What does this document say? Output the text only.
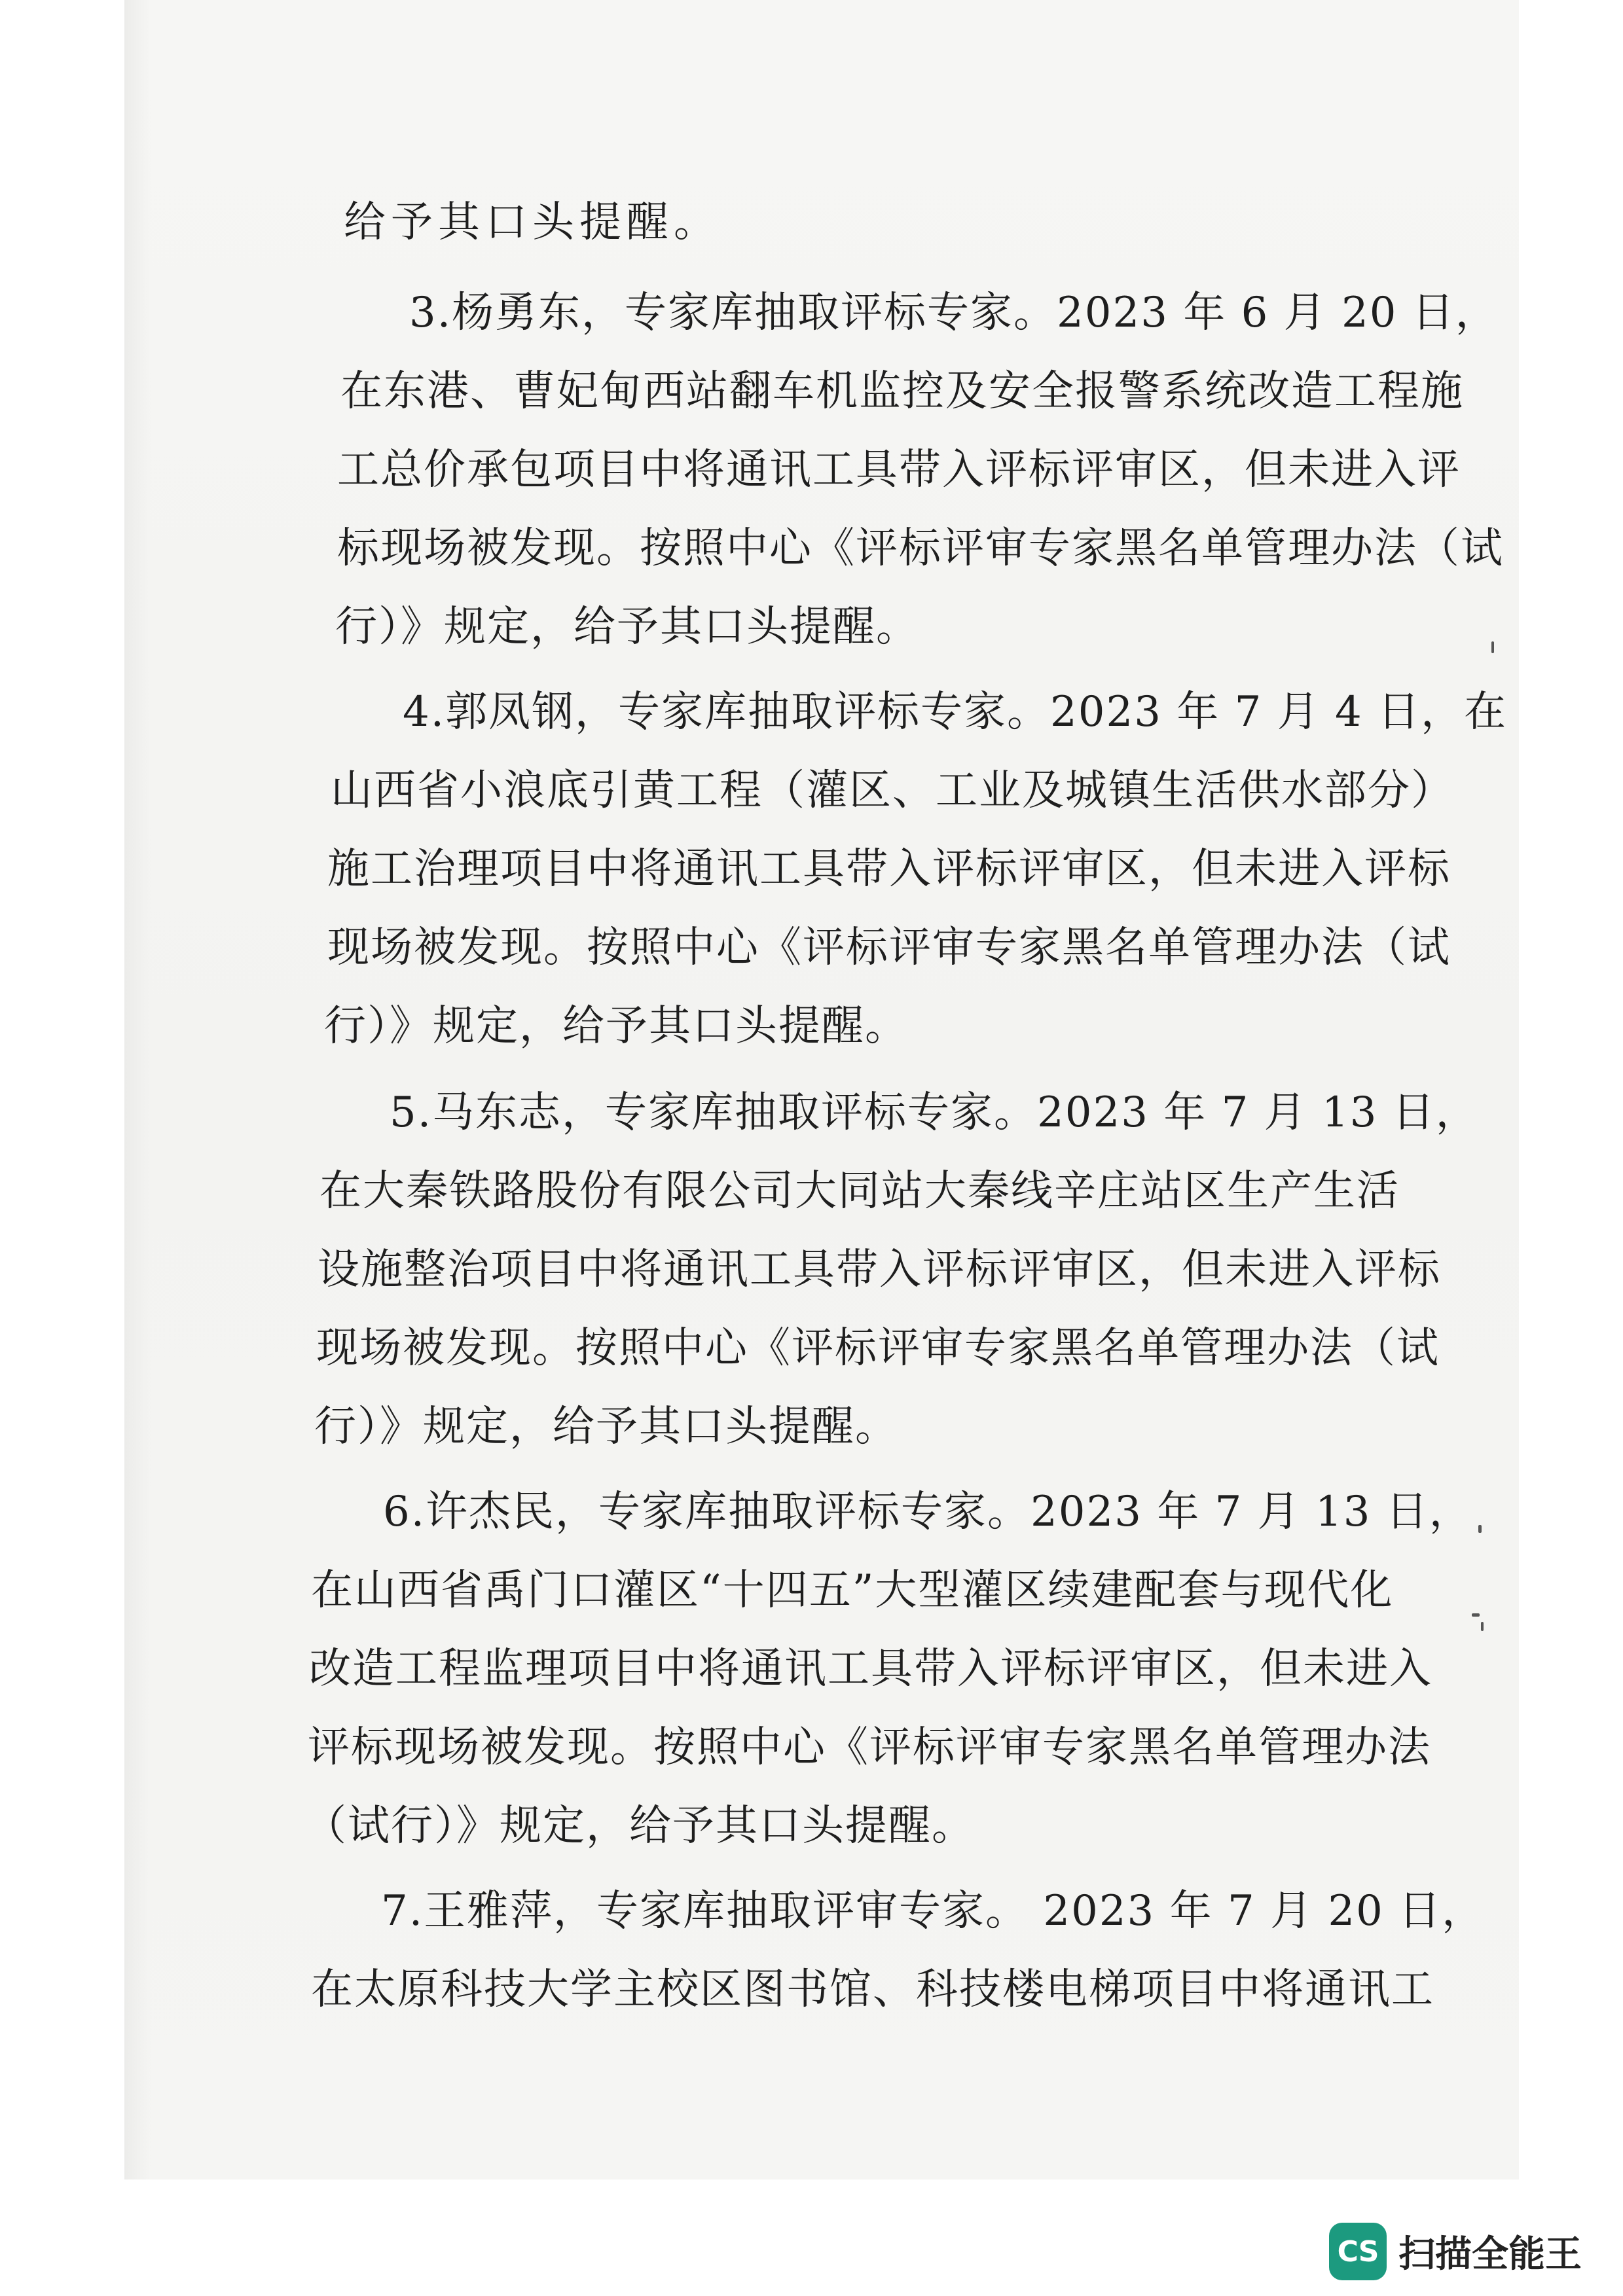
给予其口头提醒。
3.杨勇东，专家库抽取评标专家。2023 年 6 月 20 日，
在东港、曹妃甸西站翻车机监控及安全报警系统改造工程施
工总价承包项目中将通讯工具带入评标评审区，但未进入评
标现场被发现。按照中心《评标评审专家黑名单管理办法（试
行）》规定，给予其口头提醒。
4.郭凤钢，专家库抽取评标专家。2023 年 7 月 4 日，在
山西省小浪底引黄工程（灌区、工业及城镇生活供水部分）
施工治理项目中将通讯工具带入评标评审区，但未进入评标
现场被发现。按照中心《评标评审专家黑名单管理办法（试
行）》规定，给予其口头提醒。
5.马东志，专家库抽取评标专家。2023 年 7 月 13 日，
在大秦铁路股份有限公司大同站大秦线辛庄站区生产生活
设施整治项目中将通讯工具带入评标评审区，但未进入评标
现场被发现。按照中心《评标评审专家黑名单管理办法（试
行）》规定，给予其口头提醒。
6.许杰民，专家库抽取评标专家。2023 年 7 月 13 日，
在山西省禹门口灌区“十四五”大型灌区续建配套与现代化
改造工程监理项目中将通讯工具带入评标评审区，但未进入
评标现场被发现。按照中心《评标评审专家黑名单管理办法
（试行）》规定，给予其口头提醒。
7.王雅萍，专家库抽取评审专家。 2023 年 7 月 20 日，
在太原科技大学主校区图书馆、科技楼电梯项目中将通讯工
CS 扫描全能王
